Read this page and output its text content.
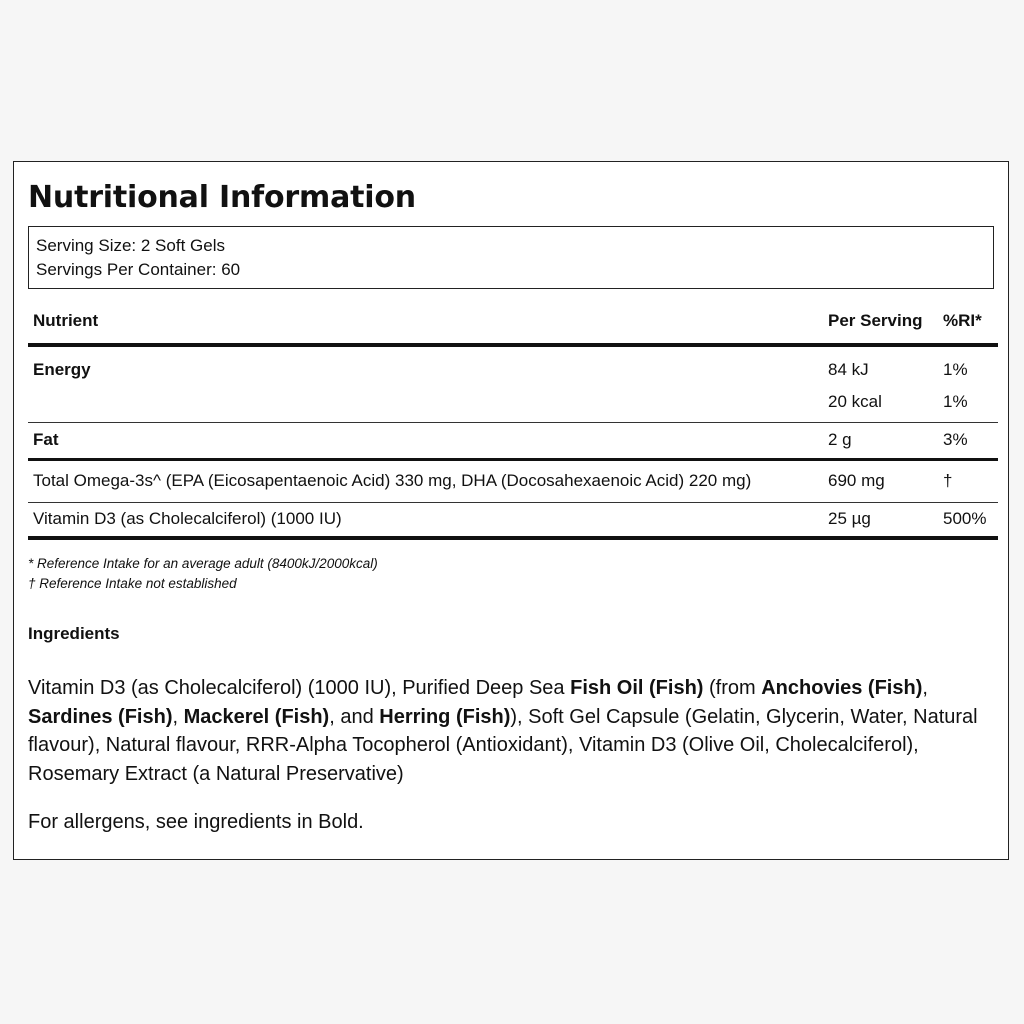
Nutritional Information
Serving Size: 2 Soft Gels
Servings Per Container: 60
Nutrient	Per Serving	%RI*
Energy	84 kJ	1%
	20 kcal	1%
Fat	2 g	3%
Total Omega-3s^ (EPA (Eicosapentaenoic Acid) 330 mg, DHA (Docosahexaenoic Acid) 220 mg)	690 mg	†
Vitamin D3 (as Cholecalciferol) (1000 IU)	25 µg	500%
* Reference Intake for an average adult (8400kJ/2000kcal)
† Reference Intake not established
Ingredients
Vitamin D3 (as Cholecalciferol) (1000 IU), Purified Deep Sea Fish Oil (Fish) (from Anchovies (Fish), Sardines (Fish), Mackerel (Fish), and Herring (Fish)), Soft Gel Capsule (Gelatin, Glycerin, Water, Natural flavour), Natural flavour, RRR-Alpha Tocopherol (Antioxidant), Vitamin D3 (Olive Oil, Cholecalciferol), Rosemary Extract (a Natural Preservative)
For allergens, see ingredients in Bold.
